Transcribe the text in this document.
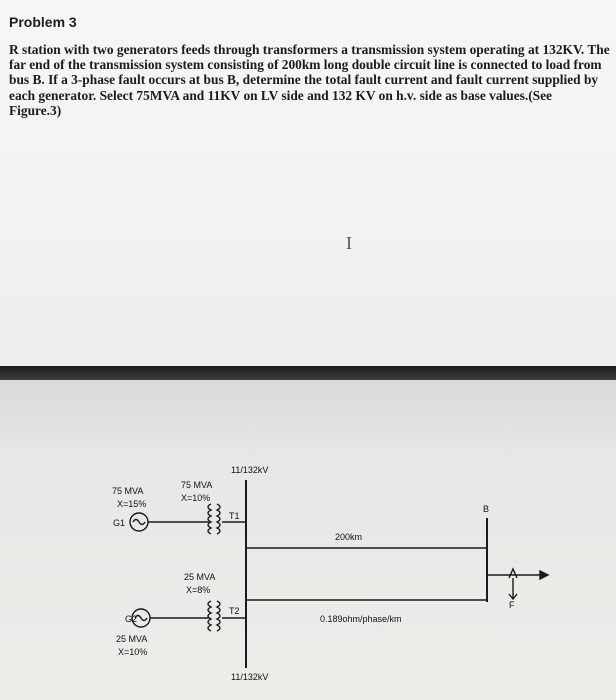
Problem 3
R station with two generators feeds through transformers a transmission system operating at 132KV. The
far end of the transmission system consisting of 200km long double circuit line is connected to load from
bus B. If a 3-phase fault occurs at bus B, determine the total fault current and fault current supplied by
each generator. Select 75MVA and 11KV on LV side and 132 KV on h.v. side as base values.(See
Figure.3)
I
11/132kV
75 MVA
X=15%
G1
75 MVA
X=10%
T1
200km
B
25 MVA
X=8%
T2
G2	0.189ohm/phase/km
F
25 MVA
X=10%
11/132kV
